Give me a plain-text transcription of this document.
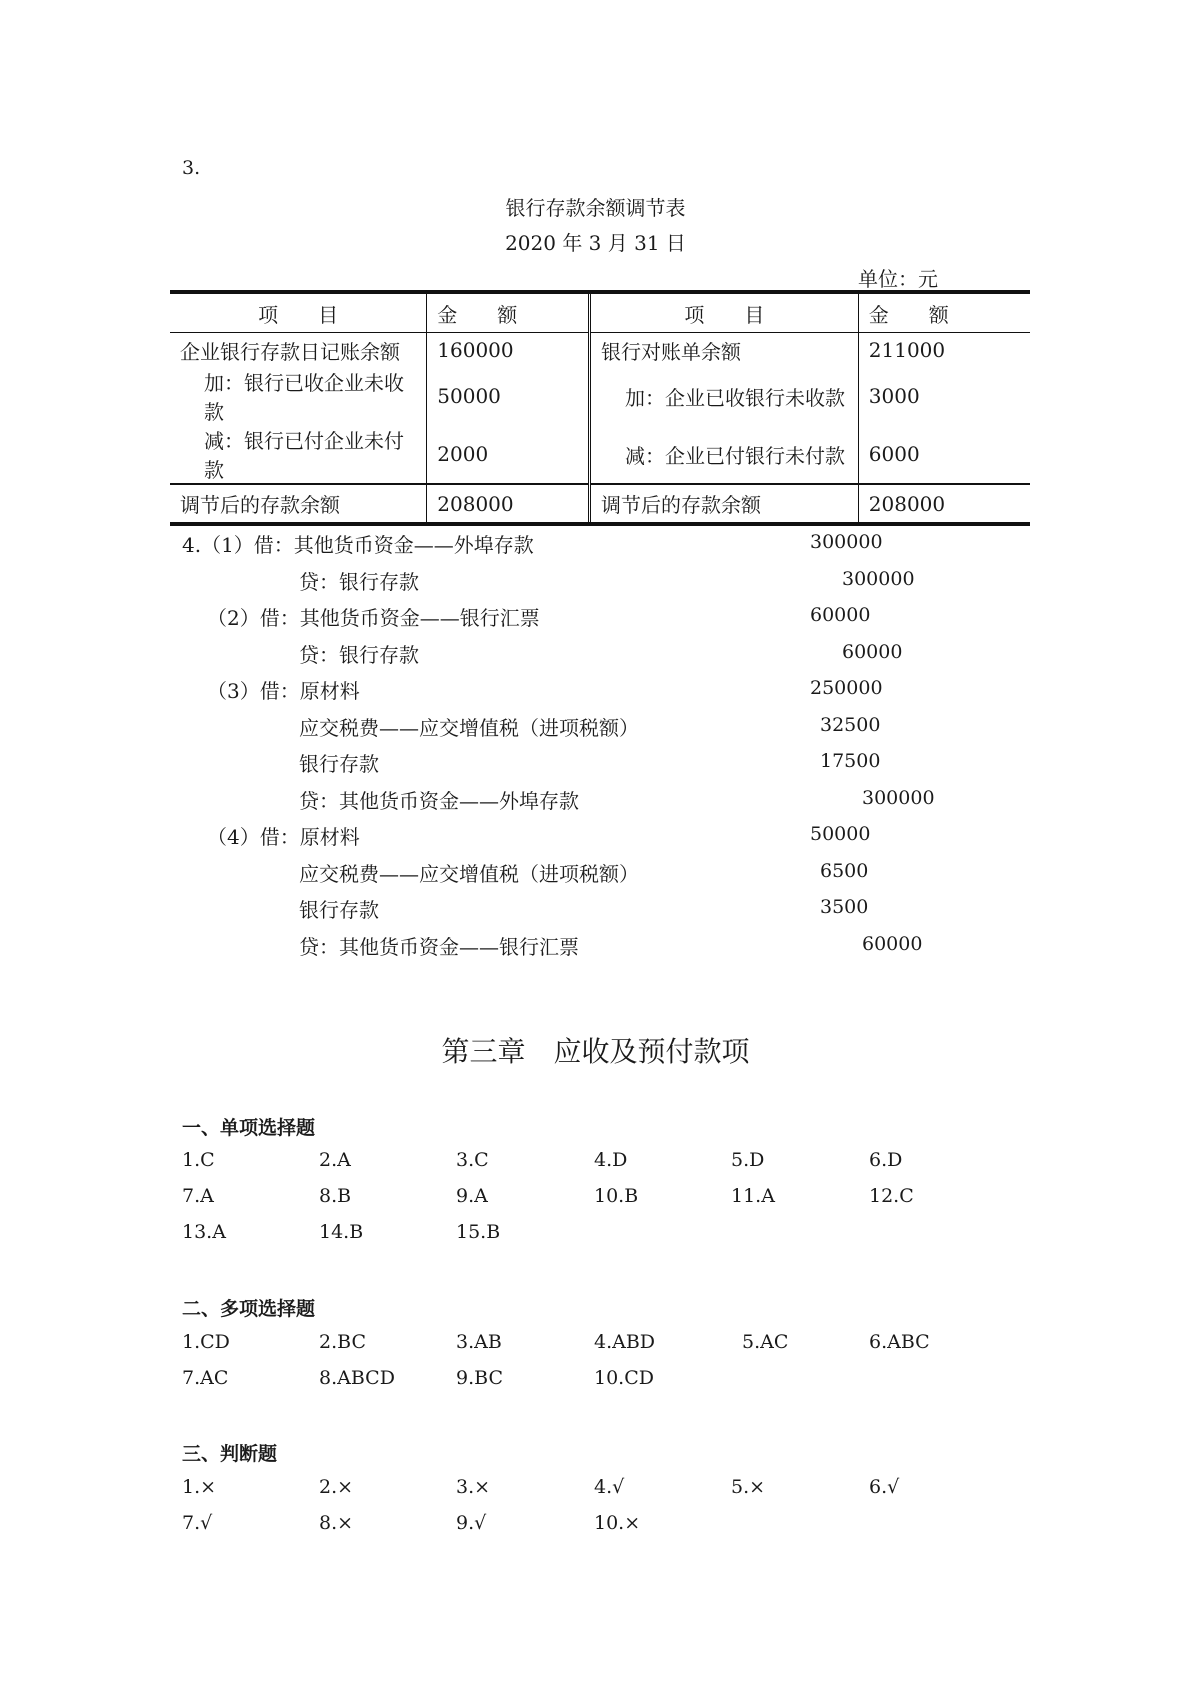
3.
银行存款余额调节表
2020 年 3 月 31 日
单位：元
项　　目	金　　额	项　　目	金　　额
企业银行存款日记账余额	160000	银行对账单余额	211000
加：银行已收企业未收款	50000	加：企业已收银行未收款	3000
减：银行已付企业未付款	2000	减：企业已付银行未付款	6000
调节后的存款余额	208000	调节后的存款余额	208000
4.（1）借：其他货币资金——外埠存款	300000
贷：银行存款	300000
（2）借：其他货币资金——银行汇票	60000
贷：银行存款	60000
（3）借：原材料	250000
应交税费——应交增值税（进项税额）	32500
银行存款	17500
贷：其他货币资金——外埠存款	300000
（4）借：原材料	50000
应交税费——应交增值税（进项税额）	6500
银行存款	3500
贷：其他货币资金——银行汇票	60000
第三章　应收及预付款项
一、单项选择题
1.C	2.A	3.C	4.D	5.D	6.D
7.A	8.B	9.A	10.B	11.A	12.C
13.A	14.B	15.B
二、多项选择题
1.CD	2.BC	3.AB	4.ABD	5.AC	6.ABC
7.AC	8.ABCD	9.BC	10.CD
三、判断题
1.×	2.×	3.×	4.√	5.×	6.√
7.√	8.×	9.√	10.×
